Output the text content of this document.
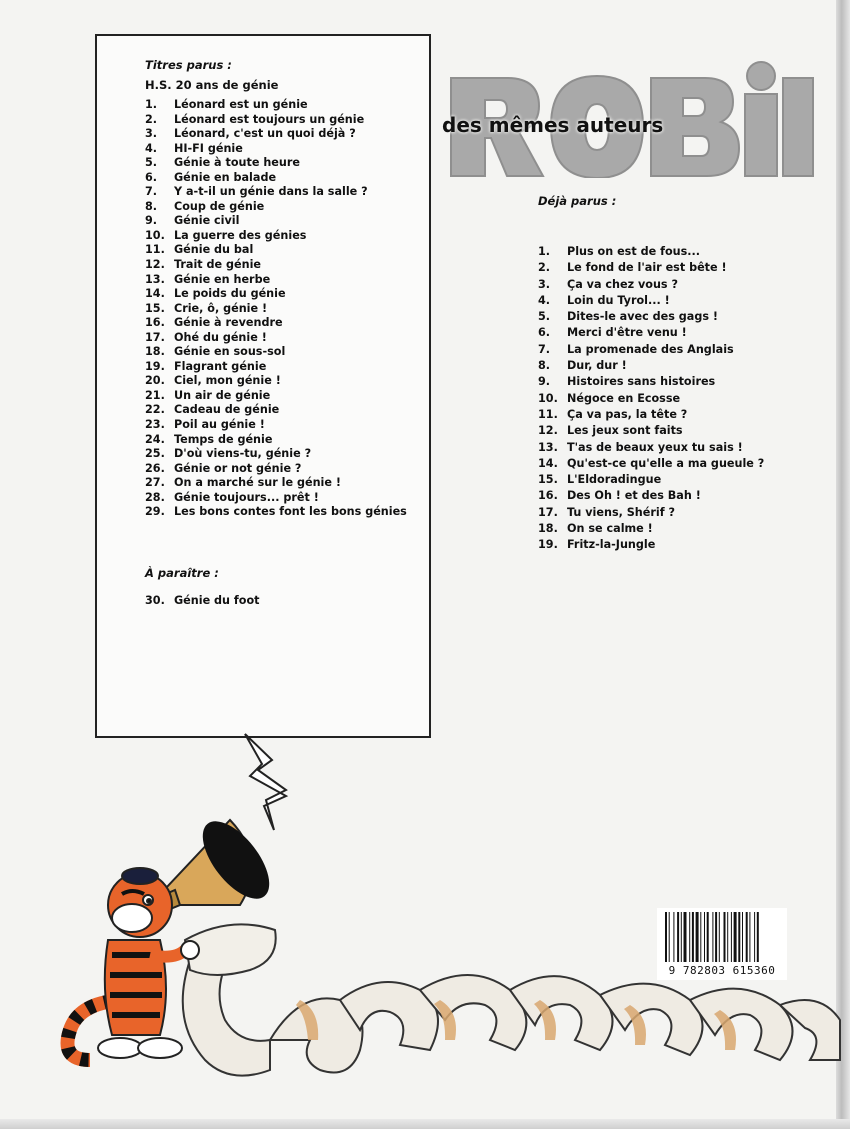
Titres parus :

H.S. 20 ans de génie

1.	Léonard est un génie
2.	Léonard est toujours un génie
3.	Léonard, c'est un quoi déjà ?
4.	HI-FI génie
5.	Génie à toute heure
6.	Génie en balade
7.	Y a-t-il un génie dans la salle ?
8.	Coup de génie
9.	Génie civil
10. La guerre des génies
11. Génie du bal
12. Trait de génie
13. Génie en herbe
14. Le poids du génie
15. Crie, ô, génie !
16. Génie à revendre
17. Ohé du génie !
18. Génie en sous-sol
19. Flagrant génie
20. Ciel, mon génie !
21. Un air de génie
22. Cadeau de génie
23. Poil au génie !
24. Temps de génie
25. D'où viens-tu, génie ?
26. Génie or not génie ?
27. On a marché sur le génie !
28. Génie toujours... prêt !
29. Les bons contes font les bons génies

À paraître :

30. Génie du foot
des mêmes auteurs

Déjà parus :

1.	Plus on est de fous...
2.	Le fond de l'air est bête !
3.	Ça va chez vous ?
4.	Loin du Tyrol... !
5.	Dites-le avec des gags !
6.	Merci d'être venu !
7.	La promenade des Anglais
8.	Dur, dur !
9.	Histoires sans histoires
10. Négoce en Ecosse
11. Ça va pas, la tête ?
12. Les jeux sont faits
13. T'as de beaux yeux tu sais !
14. Qu'est-ce qu'elle a ma gueule ?
15. L'Eldoradingue
16. Des Oh ! et des Bah !
17. Tu viens, Shérif ?
18. On se calme !
19. Fritz-la-Jungle
9 782803 615360
